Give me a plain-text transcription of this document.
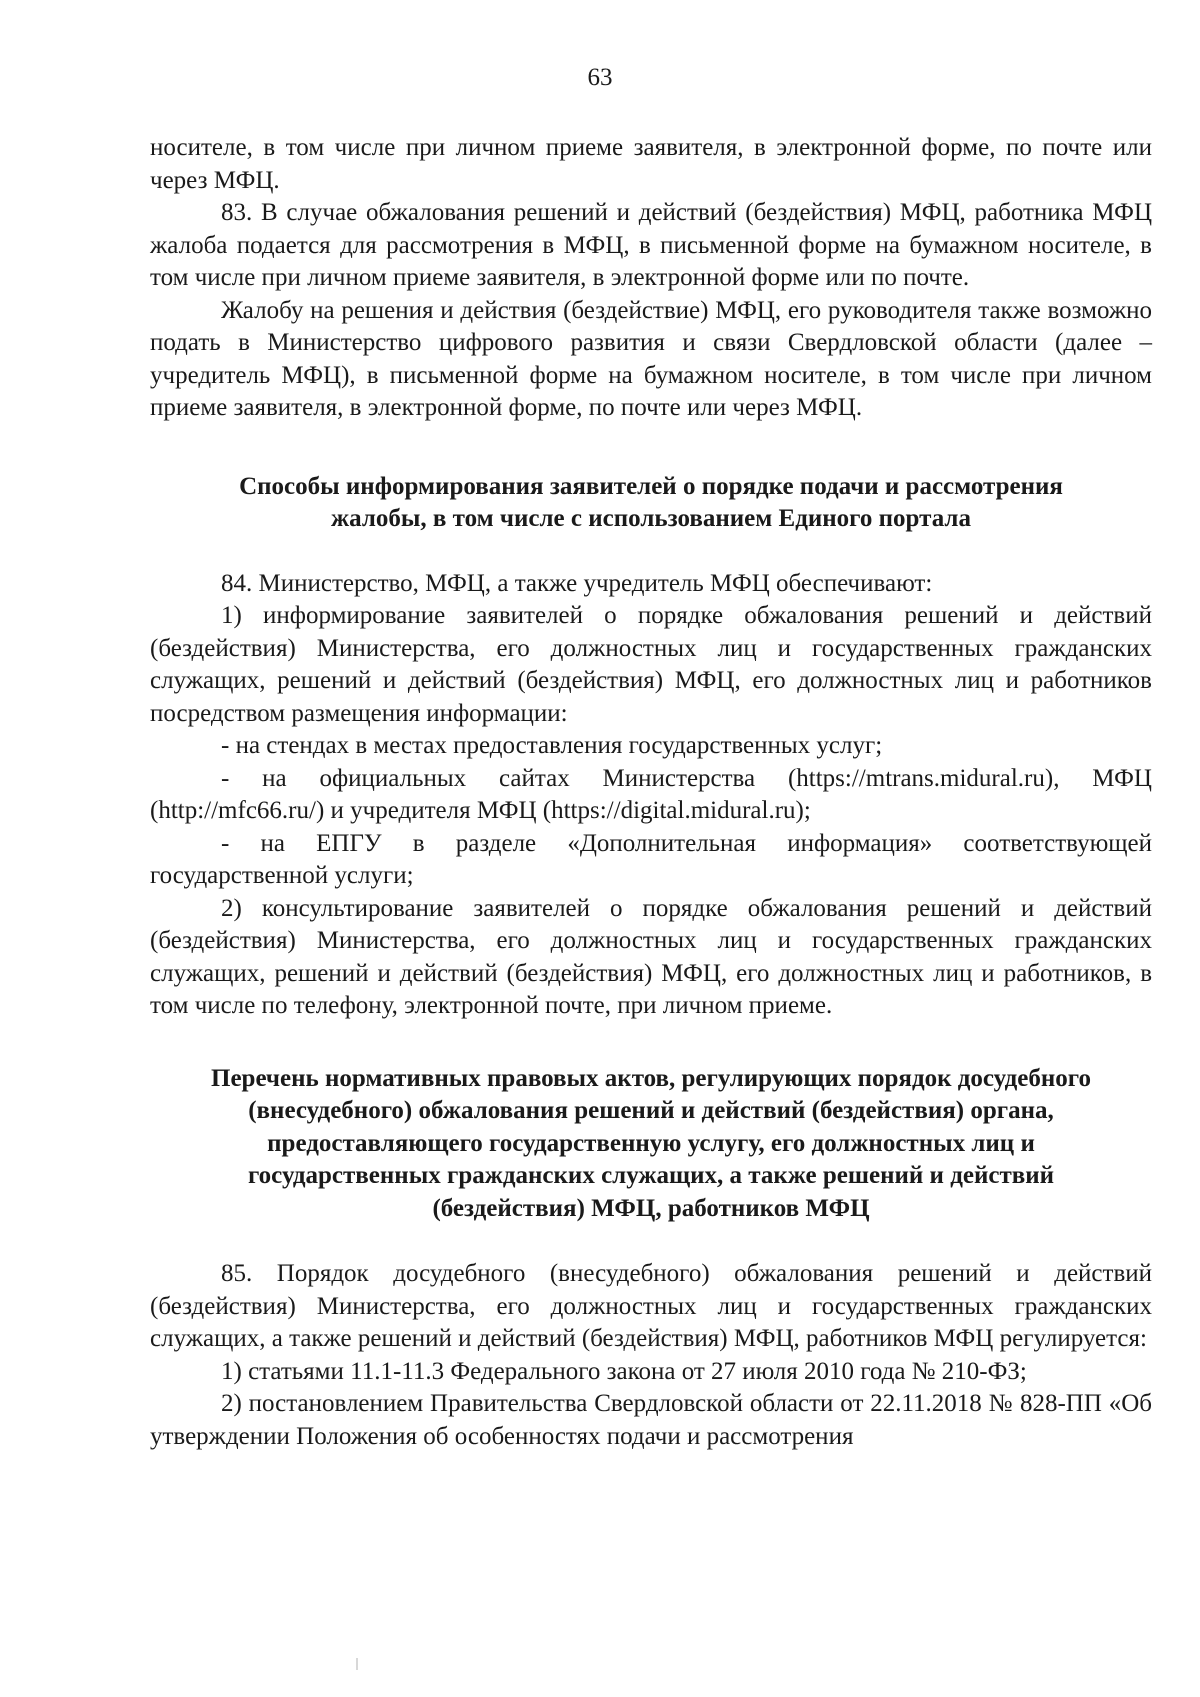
63

носителе, в том числе при личном приеме заявителя, в электронной форме, по почте или через МФЦ.

83. В случае обжалования решений и действий (бездействия) МФЦ, работника МФЦ жалоба подается для рассмотрения в МФЦ, в письменной форме на бумажном носителе, в том числе при личном приеме заявителя, в электронной форме или по почте.

Жалобу на решения и действия (бездействие) МФЦ, его руководителя также возможно подать в Министерство цифрового развития и связи Свердловской области (далее – учредитель МФЦ), в письменной форме на бумажном носителе, в том числе при личном приеме заявителя, в электронной форме, по почте или через МФЦ.

Способы информирования заявителей о порядке подачи и рассмотрения
жалобы, в том числе с использованием Единого портала

84. Министерство, МФЦ, а также учредитель МФЦ обеспечивают:

1) информирование заявителей о порядке обжалования решений и действий (бездействия) Министерства, его должностных лиц и государственных гражданских служащих, решений и действий (бездействия) МФЦ, его должностных лиц и работников посредством размещения информации:

- на стендах в местах предоставления государственных услуг;

- на официальных сайтах Министерства (https://mtrans.midural.ru), МФЦ (http://mfc66.ru/) и учредителя МФЦ (https://digital.midural.ru);

- на ЕПГУ в разделе «Дополнительная информация» соответствующей государственной услуги;

2) консультирование заявителей о порядке обжалования решений и действий (бездействия) Министерства, его должностных лиц и государственных гражданских служащих, решений и действий (бездействия) МФЦ, его должностных лиц и работников, в том числе по телефону, электронной почте, при личном приеме.

Перечень нормативных правовых актов, регулирующих порядок досудебного
(внесудебного) обжалования решений и действий (бездействия) органа,
предоставляющего государственную услугу, его должностных лиц и
государственных гражданских служащих, а также решений и действий
(бездействия) МФЦ, работников МФЦ

85. Порядок досудебного (внесудебного) обжалования решений и действий (бездействия) Министерства, его должностных лиц и государственных гражданских служащих, а также решений и действий (бездействия) МФЦ, работников МФЦ регулируется:

1) статьями 11.1-11.3 Федерального закона от 27 июля 2010 года № 210-ФЗ;

2) постановлением Правительства Свердловской области от 22.11.2018 № 828-ПП «Об утверждении Положения об особенностях подачи и рассмотрения
